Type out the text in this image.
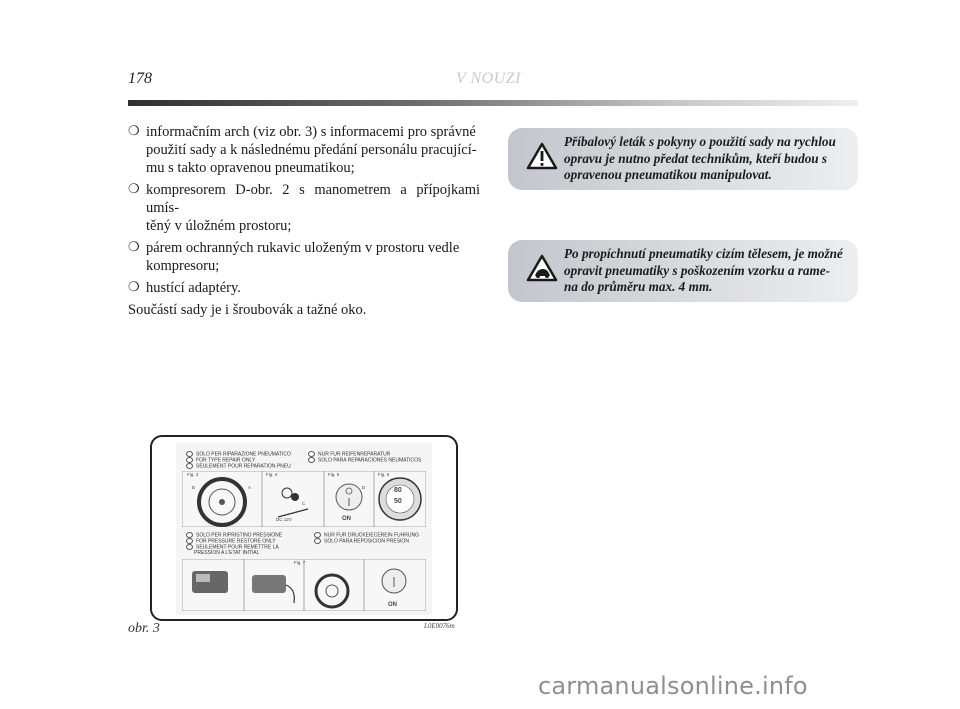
178	V NOUZI
❍ informačním arch (viz obr. 3) s informacemi pro správné
použití sady a k následnému předání personálu pracující-
mu s takto opravenou pneumatikou;
❍ kompresorem D-obr. 2 s manometrem a přípojkami umís-
těný v úložném prostoru;
❍ párem ochranných rukavic uloženým v prostoru vedle
kompresoru;
❍ hustící adaptéry.

Součástí sady je i šroubovák a tažné oko.

Příbalový leták s pokyny o použití sady na rychlou
opravu je nutno předat technikům, kteří budou s
opravenou pneumatikou manipulovat.
Po propíchnutí pneumatiky cizím tělesem, je možné
opravit pneumatiky s poškozením vzorku a rame-
na do průměru max. 4 mm.
SOLO PER RIPARAZIONE PNEUMATICO
FOR TYPE REPAIR ONLY
SEULEMENT POUR REPARATION PNEU
NUR FUR REIFENREPARATUR
SOLO PARA REPARACIONES NEUMATICOS
Fig. 3	Fig. 4	Fig. 5	Fig. 6
B	A
C
D
DC 12V	ON
80
50
SOLO PER RIPRISTINO PRESSIONE
FOR PRESSURE RESTORE ONLY
SEULEMENT POUR REMETTRE LA
PRESSION A L'ETAT INITIAL
NUR FUR DRUCKEIECEREIN FUHRUNG
SOLO PARA REPOSICION PRESION
Fig. 7
ON
obr. 3	L0E0076m
carmanualsonline.info
